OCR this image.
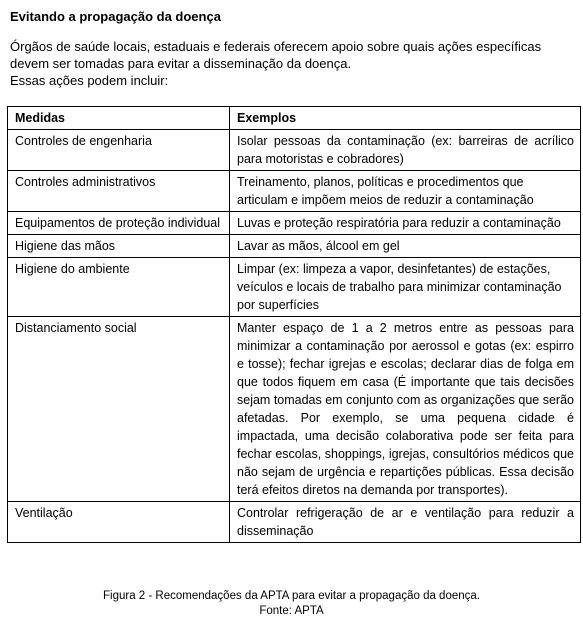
Evitando a propagação da doença

Órgãos de saúde locais, estaduais e federais oferecem apoio sobre quais ações específicas devem ser tomadas para evitar a disseminação da doença.

Essas ações podem incluir:

Medidas	Exemplos
Controles de engenharia	Isolar pessoas da contaminação (ex: barreiras de acrílico para motoristas e cobradores)
Controles administrativos	Treinamento, planos, políticas e procedimentos que articulam e impõem meios de reduzir a contaminação
Equipamentos de proteção individual	Luvas e proteção respiratória para reduzir a contaminação
Higiene das mãos	Lavar as mãos, álcool em gel
Higiene do ambiente	Limpar (ex: limpeza a vapor, desinfetantes) de estações, veículos e locais de trabalho para minimizar contaminação por superfícies
Distanciamento social	Manter espaço de 1 a 2 metros entre as pessoas para minimizar a contaminação por aerossol e gotas (ex: espirro e tosse); fechar igrejas e escolas; declarar dias de folga em que todos fiquem em casa (É importante que tais decisões sejam tomadas em conjunto com as organizações que serão afetadas. Por exemplo, se uma pequena cidade é impactada, uma decisão colaborativa pode ser feita para fechar escolas, shoppings, igrejas, consultórios médicos que não sejam de urgência e repartições públicas. Essa decisão terá efeitos diretos na demanda por transportes).
Ventilação	Controlar refrigeração de ar e ventilação para reduzir a disseminação
Figura 2 - Recomendações da APTA para evitar a propagação da doença.
Fonte: APTA
